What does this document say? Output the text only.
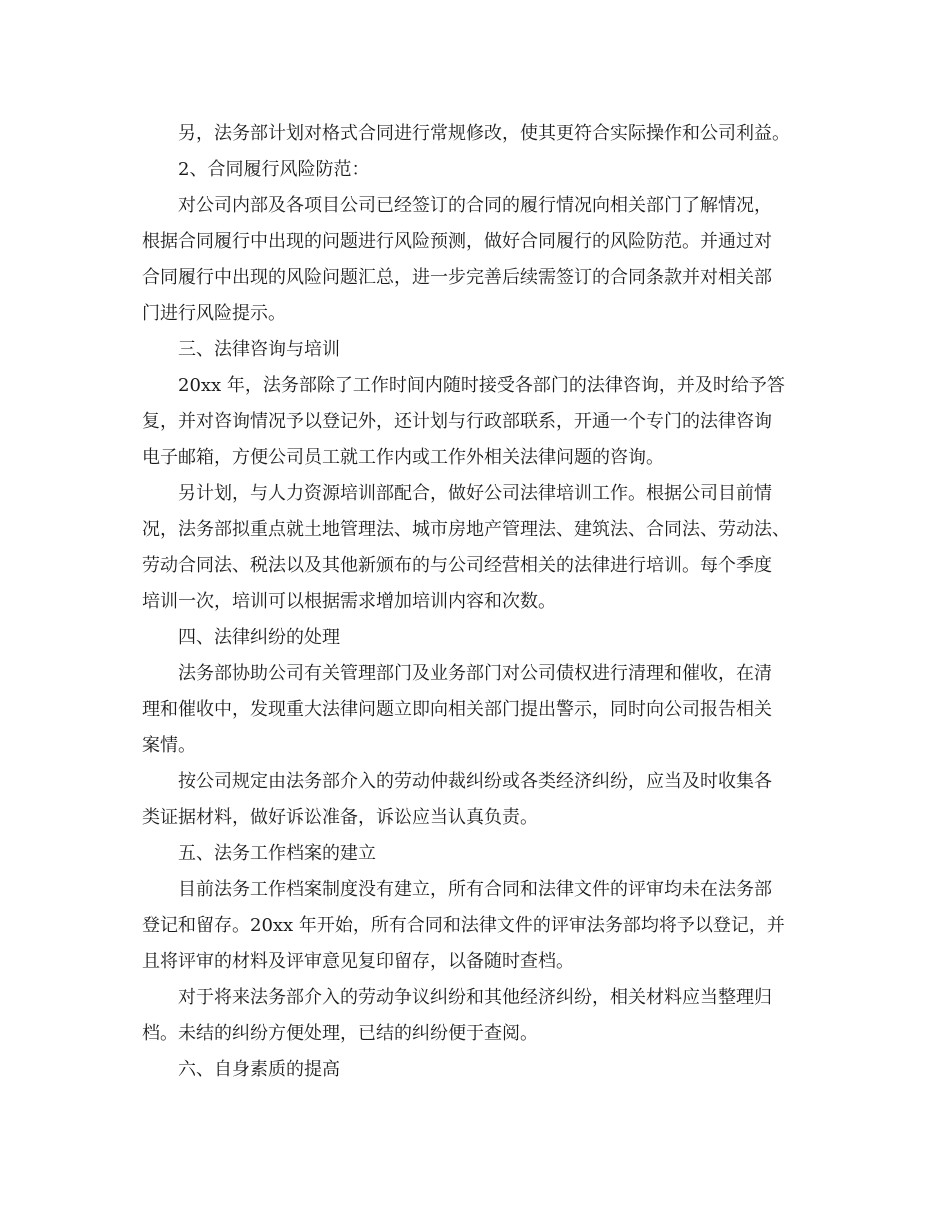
另，法务部计划对格式合同进行常规修改，使其更符合实际操作和公司利益。
2、合同履行风险防范：
对公司内部及各项目公司已经签订的合同的履行情况向相关部门了解情况，
根据合同履行中出现的问题进行风险预测，做好合同履行的风险防范。并通过对
合同履行中出现的风险问题汇总，进一步完善后续需签订的合同条款并对相关部
门进行风险提示。
三、法律咨询与培训
20xx 年，法务部除了工作时间内随时接受各部门的法律咨询，并及时给予答
复，并对咨询情况予以登记外，还计划与行政部联系，开通一个专门的法律咨询
电子邮箱，方便公司员工就工作内或工作外相关法律问题的咨询。
另计划，与人力资源培训部配合，做好公司法律培训工作。根据公司目前情
况，法务部拟重点就土地管理法、城市房地产管理法、建筑法、合同法、劳动法、
劳动合同法、税法以及其他新颁布的与公司经营相关的法律进行培训。每个季度
培训一次，培训可以根据需求增加培训内容和次数。
四、法律纠纷的处理
法务部协助公司有关管理部门及业务部门对公司债权进行清理和催收，在清
理和催收中，发现重大法律问题立即向相关部门提出警示，同时向公司报告相关
案情。
按公司规定由法务部介入的劳动仲裁纠纷或各类经济纠纷，应当及时收集各
类证据材料，做好诉讼准备，诉讼应当认真负责。
五、法务工作档案的建立
目前法务工作档案制度没有建立，所有合同和法律文件的评审均未在法务部
登记和留存。20xx 年开始，所有合同和法律文件的评审法务部均将予以登记，并
且将评审的材料及评审意见复印留存，以备随时查档。
对于将来法务部介入的劳动争议纠纷和其他经济纠纷，相关材料应当整理归
档。未结的纠纷方便处理，已结的纠纷便于查阅。
六、自身素质的提高
